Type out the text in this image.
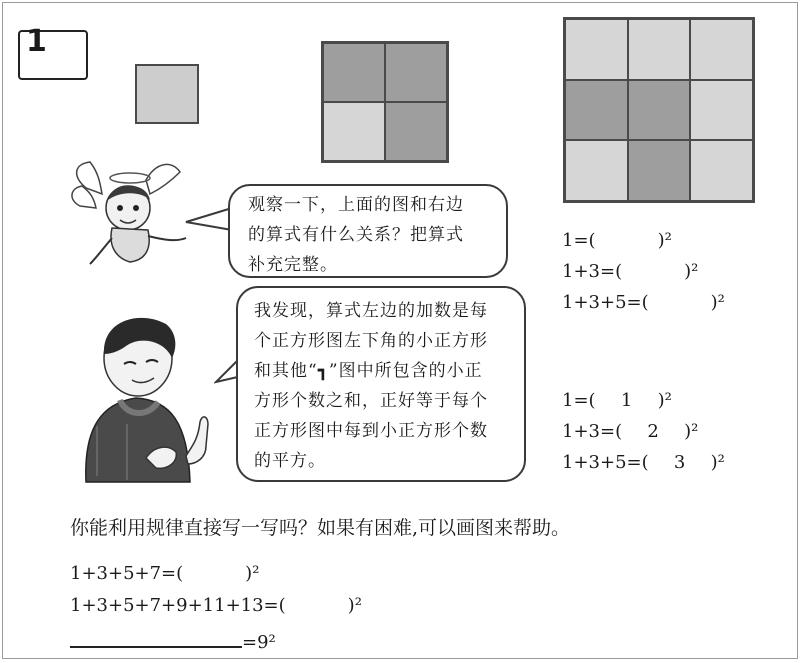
1
观察一下，上面的图和右边
的算式有什么关系？把算式
补充完整。
我发现，算式左边的加数是每
个正方形图左下角的小正方形
和其他“┓”图中所包含的小正
方形个数之和，正好等于每个
正方形图中每到小正方形个数
的平方。
1=(	)²
1+3=(	)²
1+3+5=(	)²
1=( 1 )²
1+3=( 2 )²
1+3+5=( 3 )²
你能利用规律直接写一写吗？如果有困难,可以画图来帮助。
1+3+5+7=(	)²
1+3+5+7+9+11+13=(	)²
=9²
